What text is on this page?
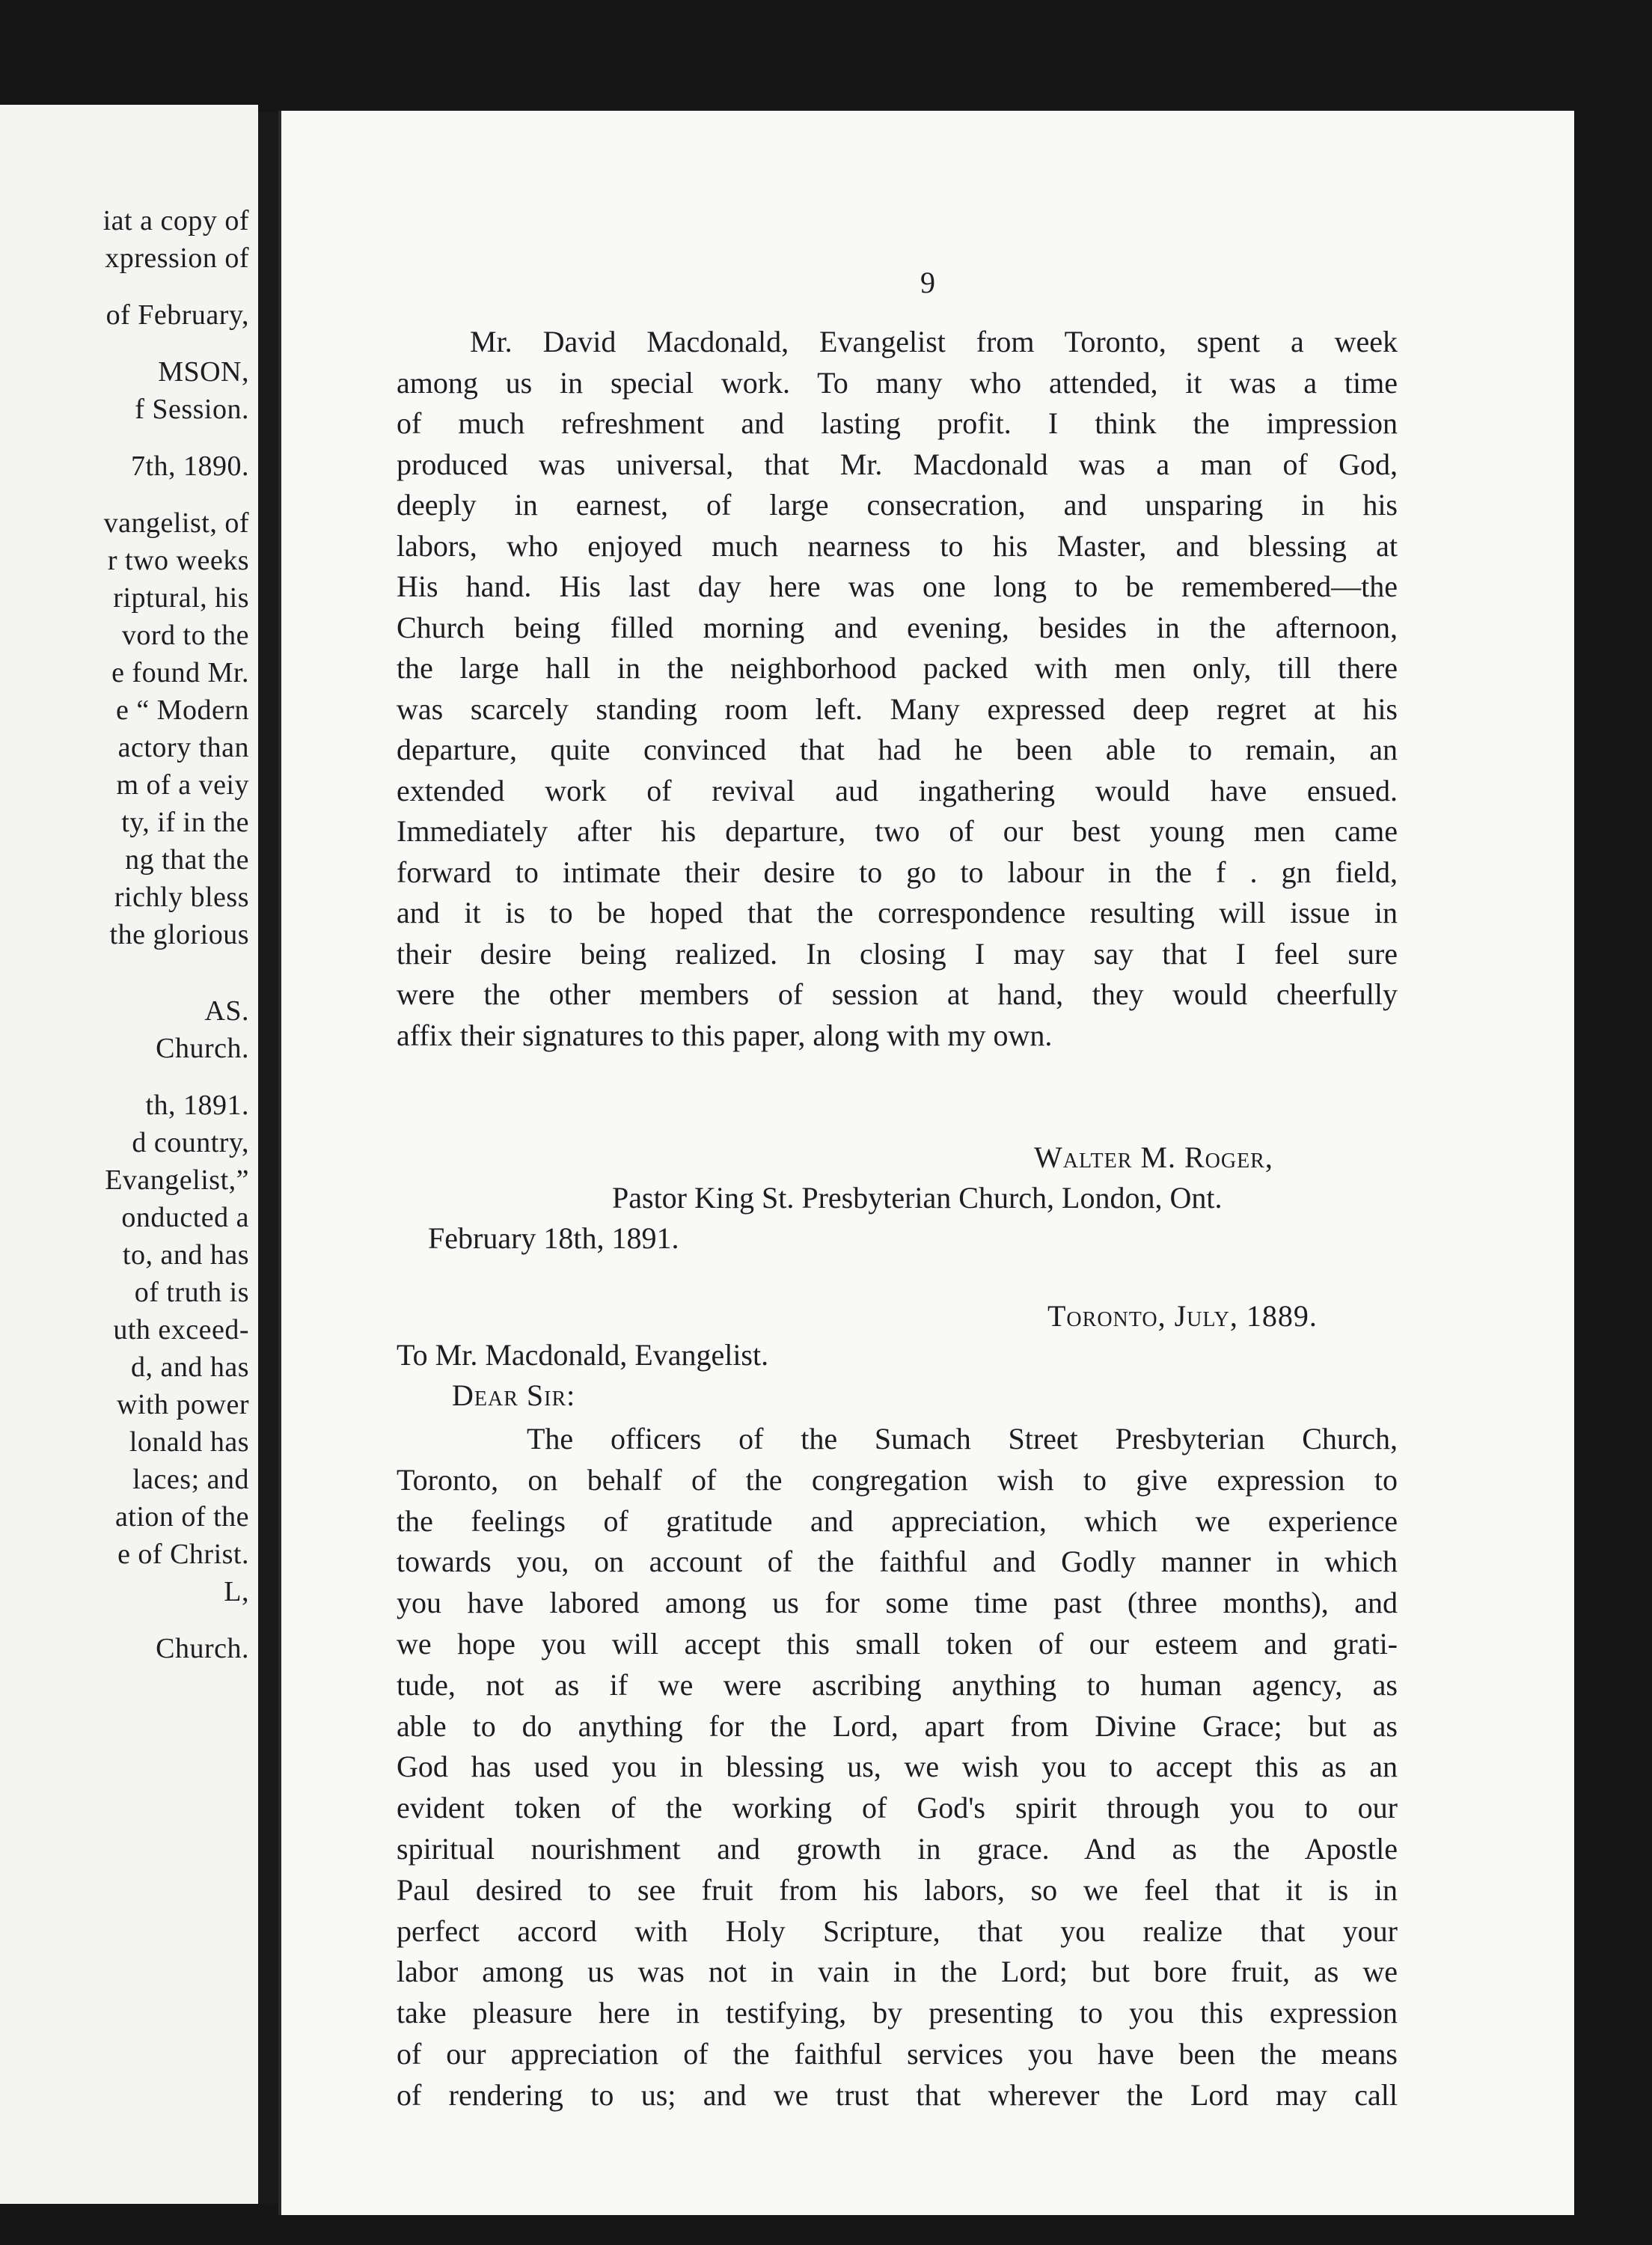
iat a copy of
xpression of
of February,
MSON,
f Session.
7th, 1890.
vangelist, of
r two weeks
riptural, his
vord to the
e found Mr.
e “ Modern
actory than
m of a veiy
ty, if in the
ng that the
richly bless
the glorious
AS.
Church.
th, 1891.
d country,
Evangelist,”
onducted a
to, and has
of truth is
uth exceed-
d, and has
with power
lonald has
laces; and
ation of the
e of Christ.
L,
Church.
9
Mr. David Macdonald, Evangelist from Toronto, spent a week
among us in special work. To many who attended, it was a time
of much refreshment and lasting profit. I think the impression
produced was universal, that Mr. Macdonald was a man of God,
deeply in earnest, of large consecration, and unsparing in his
labors, who enjoyed much nearness to his Master, and blessing at
His hand. His last day here was one long to be remembered—the
Church being filled morning and evening, besides in the afternoon,
the large hall in the neighborhood packed with men only, till there
was scarcely standing room left. Many expressed deep regret at his
departure, quite convinced that had he been able to remain, an
extended work of revival aud ingathering would have ensued.
Immediately after his departure, two of our best young men came
forward to intimate their desire to go to labour in the f . gn field,
and it is to be hoped that the correspondence resulting will issue in
their desire being realized. In closing I may say that I feel sure
were the other members of session at hand, they would cheerfully
affix their signatures to this paper, along with my own.
Walter M. Roger,
Pastor King St. Presbyterian Church, London, Ont.
February 18th, 1891.
Toronto, July, 1889.
To Mr. Macdonald, Evangelist.
Dear Sir:
The officers of the Sumach Street Presbyterian Church,
Toronto, on behalf of the congregation wish to give expression to
the feelings of gratitude and appreciation, which we experience
towards you, on account of the faithful and Godly manner in which
you have labored among us for some time past (three months), and
we hope you will accept this small token of our esteem and grati-
tude, not as if we were ascribing anything to human agency, as
able to do anything for the Lord, apart from Divine Grace; but as
God has used you in blessing us, we wish you to accept this as an
evident token of the working of God's spirit through you to our
spiritual nourishment and growth in grace. And as the Apostle
Paul desired to see fruit from his labors, so we feel that it is in
perfect accord with Holy Scripture, that you realize that your
labor among us was not in vain in the Lord; but bore fruit, as we
take pleasure here in testifying, by presenting to you this expression
of our appreciation of the faithful services you have been the means
of rendering to us; and we trust that wherever the Lord may call
